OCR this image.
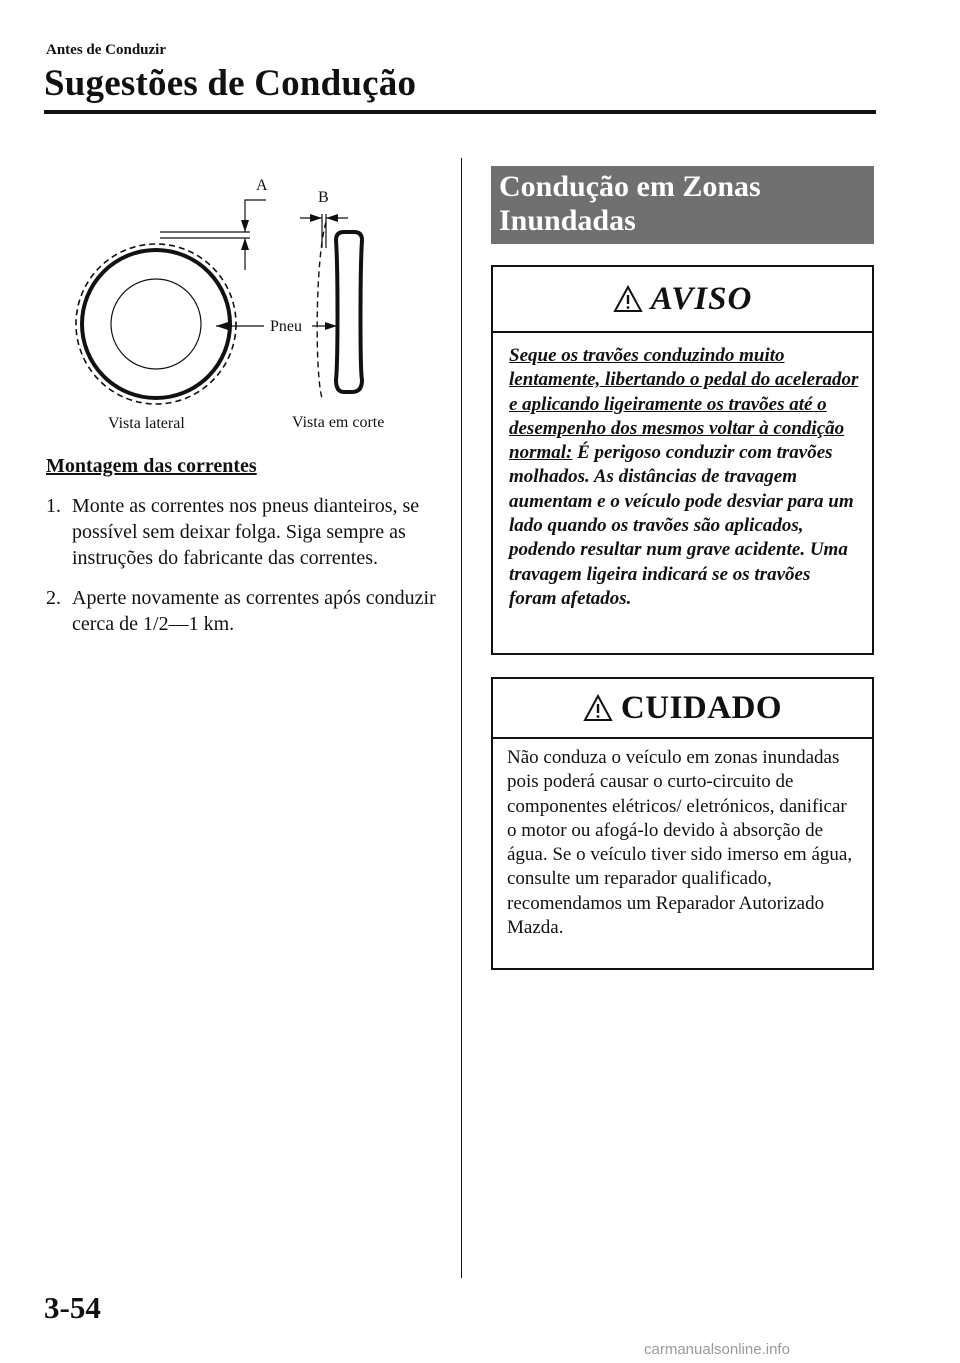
Antes de Conduzir
Sugestões de Condução
A
B
Pneu
Vista lateral	Vista em corte
Montagem das correntes
1. Monte as correntes nos pneus dianteiros, se possível sem deixar folga. Siga sempre as instruções do fabricante das correntes.
2. Aperte novamente as correntes após conduzir cerca de 1/2—1 km.
Condução em Zonas Inundadas
AVISO
Seque os travões conduzindo muito lentamente, libertando o pedal do acelerador e aplicando ligeiramente os travões até o desempenho dos mesmos voltar à condição normal: É perigoso conduzir com travões molhados. As distâncias de travagem aumentam e o veículo pode desviar para um lado quando os travões são aplicados, podendo resultar num grave acidente. Uma travagem ligeira indicará se os travões foram afetados.
CUIDADO
Não conduza o veículo em zonas inundadas pois poderá causar o curto-circuito de componentes elétricos/ eletrónicos, danificar o motor ou afogá-lo devido à absorção de água. Se o veículo tiver sido imerso em água, consulte um reparador qualificado, recomendamos um Reparador Autorizado Mazda.
3-54
carmanualsonline.info
